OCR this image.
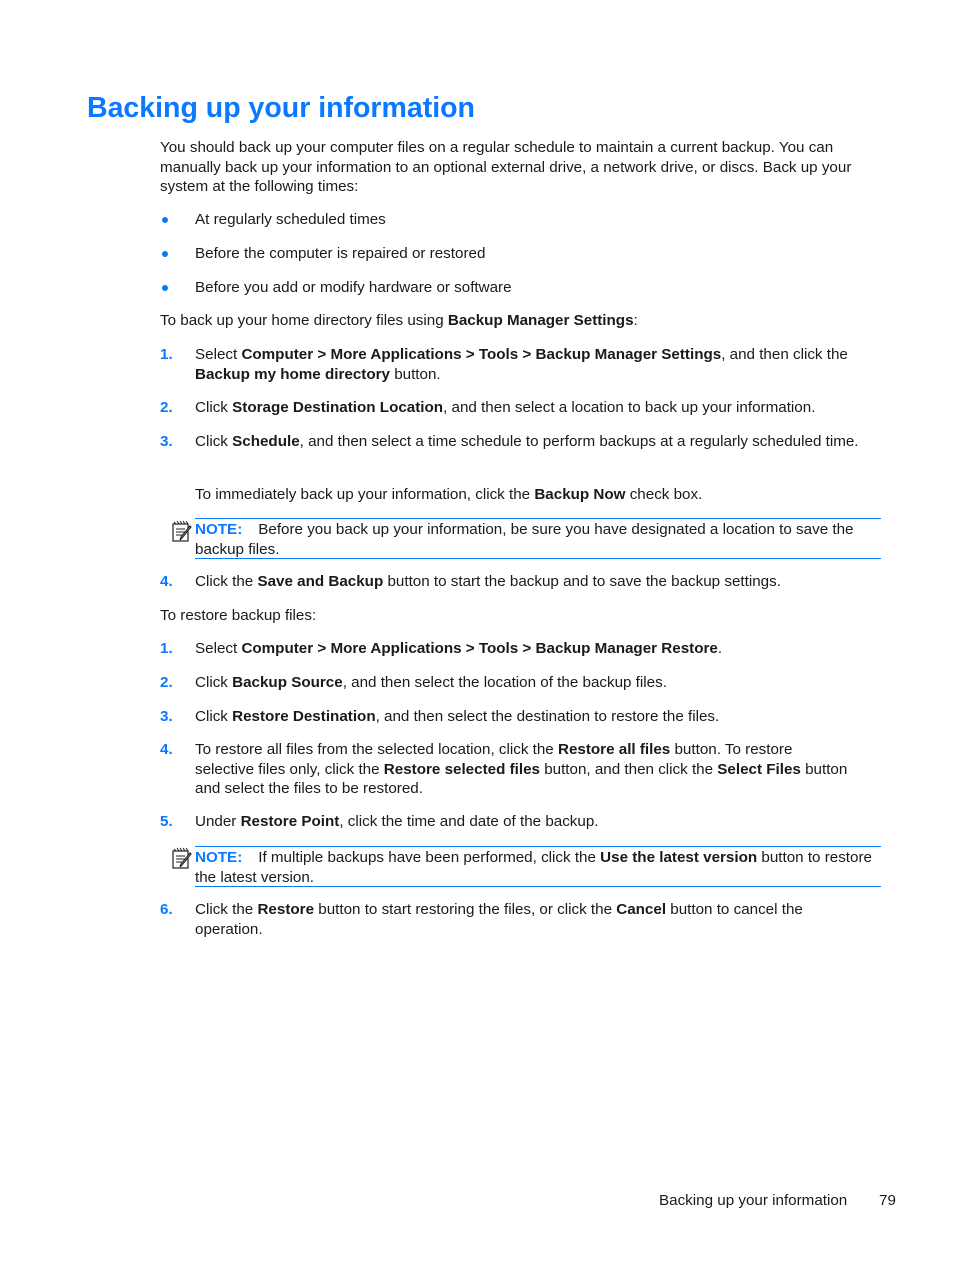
Backing up your information

You should back up your computer files on a regular schedule to maintain a current backup. You can manually back up your information to an optional external drive, a network drive, or discs. Back up your system at the following times:

At regularly scheduled times

Before the computer is repaired or restored

Before you add or modify hardware or software

To back up your home directory files using Backup Manager Settings:

1.	Select Computer > More Applications > Tools > Backup Manager Settings, and then click the Backup my home directory button.

2.	Click Storage Destination Location, and then select a location to back up your information.

3.	Click Schedule, and then select a time schedule to perform backups at a regularly scheduled time.

To immediately back up your information, click the Backup Now check box.

NOTE: Before you back up your information, be sure you have designated a location to save the backup files.

4.	Click the Save and Backup button to start the backup and to save the backup settings.

To restore backup files:

1.	Select Computer > More Applications > Tools > Backup Manager Restore.

2.	Click Backup Source, and then select the location of the backup files.

3.	Click Restore Destination, and then select the destination to restore the files.

4.	To restore all files from the selected location, click the Restore all files button. To restore selective files only, click the Restore selected files button, and then click the Select Files button and select the files to be restored.

5.	Under Restore Point, click the time and date of the backup.

NOTE: If multiple backups have been performed, click the Use the latest version button to restore the latest version.

6.	Click the Restore button to start restoring the files, or click the Cancel button to cancel the operation.

Backing up your information 79
